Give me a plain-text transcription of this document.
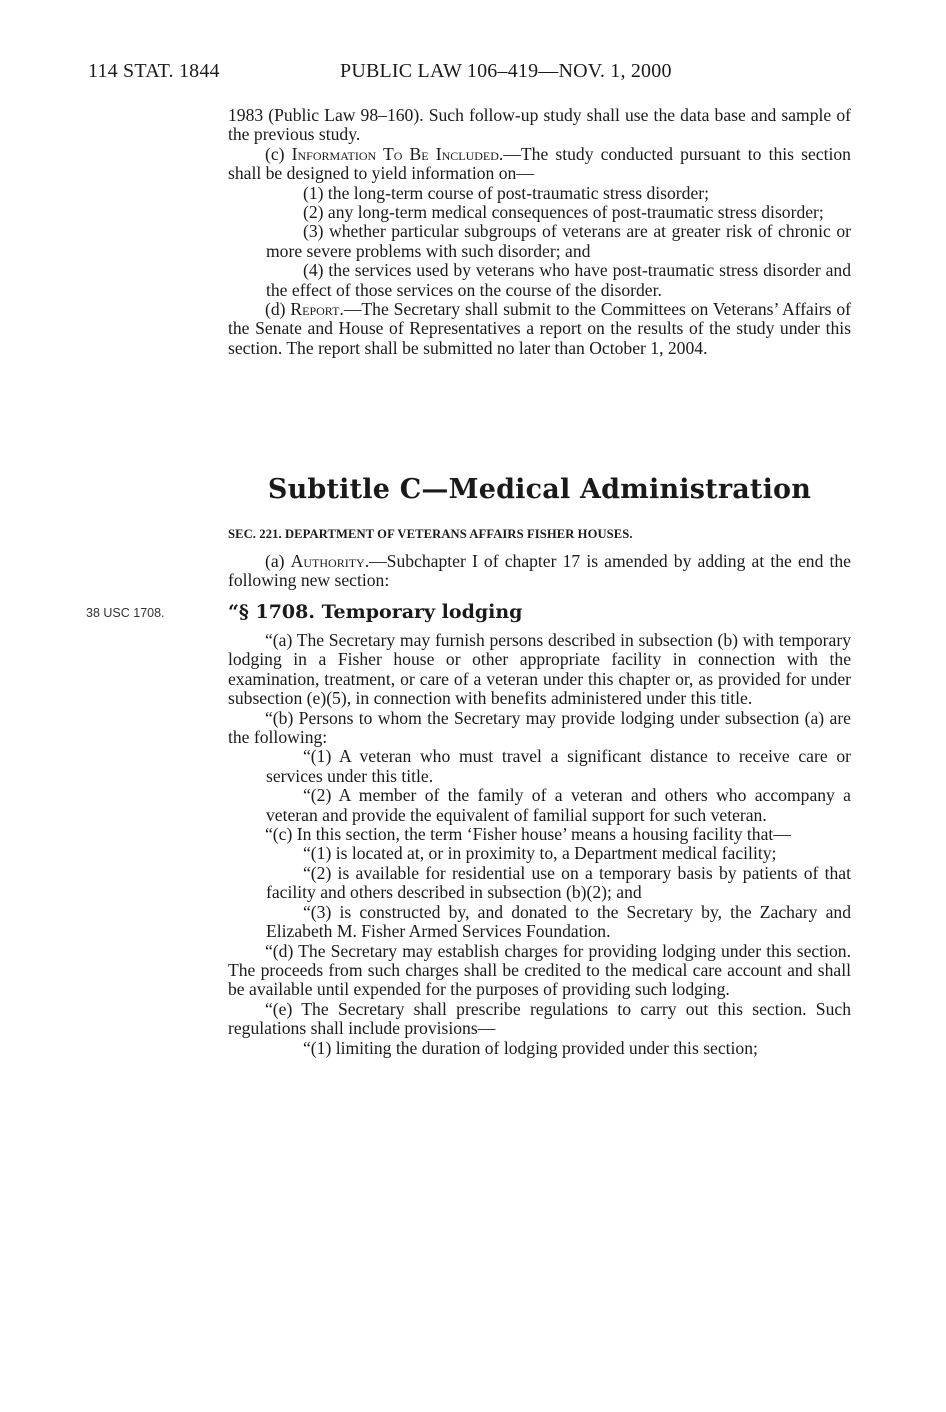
114 STAT. 1844	PUBLIC LAW 106–419—NOV. 1, 2000

1983 (Public Law 98–160). Such follow-up study shall use the data base and sample of the previous study.

(c) Information To Be Included.—The study conducted pursuant to this section shall be designed to yield information on—

(1) the long-term course of post-traumatic stress disorder;

(2) any long-term medical consequences of post-traumatic stress disorder;

(3) whether particular subgroups of veterans are at greater risk of chronic or more severe problems with such disorder; and

(4) the services used by veterans who have post-traumatic stress disorder and the effect of those services on the course of the disorder.

(d) Report.—The Secretary shall submit to the Committees on Veterans’ Affairs of the Senate and House of Representatives a report on the results of the study under this section. The report shall be submitted no later than October 1, 2004.

Subtitle C—Medical Administration
SEC. 221. DEPARTMENT OF VETERANS AFFAIRS FISHER HOUSES.

(a) Authority.—Subchapter I of chapter 17 is amended by adding at the end the following new section:

38 USC 1708.	“§ 1708. Temporary lodging

“(a) The Secretary may furnish persons described in subsection (b) with temporary lodging in a Fisher house or other appropriate facility in connection with the examination, treatment, or care of a veteran under this chapter or, as provided for under subsection (e)(5), in connection with benefits administered under this title.

“(b) Persons to whom the Secretary may provide lodging under subsection (a) are the following:

“(1) A veteran who must travel a significant distance to receive care or services under this title.

“(2) A member of the family of a veteran and others who accompany a veteran and provide the equivalent of familial support for such veteran.

“(c) In this section, the term ‘Fisher house’ means a housing facility that—

“(1) is located at, or in proximity to, a Department medical facility;

“(2) is available for residential use on a temporary basis by patients of that facility and others described in subsection (b)(2); and

“(3) is constructed by, and donated to the Secretary by, the Zachary and Elizabeth M. Fisher Armed Services Foundation.

“(d) The Secretary may establish charges for providing lodging under this section. The proceeds from such charges shall be credited to the medical care account and shall be available until expended for the purposes of providing such lodging.

“(e) The Secretary shall prescribe regulations to carry out this section. Such regulations shall include provisions—

“(1) limiting the duration of lodging provided under this section;
